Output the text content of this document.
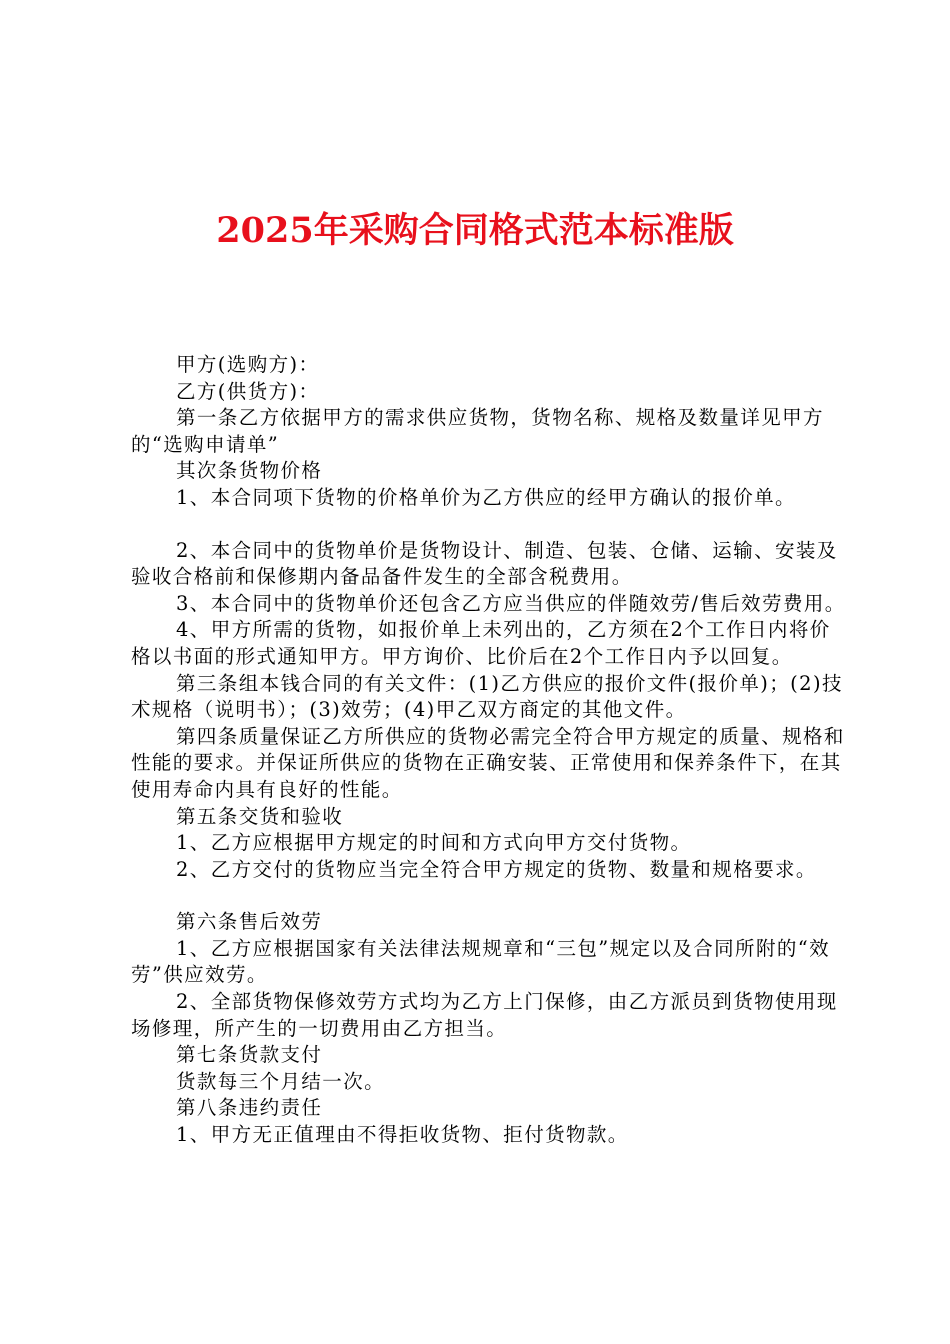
2025年采购合同格式范本标准版

甲方(选购方)：

乙方(供货方)：

第一条乙方依据甲方的需求供应货物，货物名称、规格及数量详见甲方的“选购申请单”

其次条货物价格

1、本合同项下货物的价格单价为乙方供应的经甲方确认的报价单。

2、本合同中的货物单价是货物设计、制造、包装、仓储、运输、安装及验收合格前和保修期内备品备件发生的全部含税费用。

3、本合同中的货物单价还包含乙方应当供应的伴随效劳/售后效劳费用。

4、甲方所需的货物，如报价单上未列出的，乙方须在2个工作日内将价格以书面的形式通知甲方。甲方询价、比价后在2个工作日内予以回复。

第三条组本钱合同的有关文件：(1)乙方供应的报价文件(报价单)；(2)技术规格（说明书）；(3)效劳；(4)甲乙双方商定的其他文件。

第四条质量保证乙方所供应的货物必需完全符合甲方规定的质量、规格和性能的要求。并保证所供应的货物在正确安装、正常使用和保养条件下，在其使用寿命内具有良好的性能。

第五条交货和验收

1、乙方应根据甲方规定的时间和方式向甲方交付货物。

2、乙方交付的货物应当完全符合甲方规定的货物、数量和规格要求。

第六条售后效劳

1、乙方应根据国家有关法律法规规章和“三包”规定以及合同所附的“效劳”供应效劳。

2、全部货物保修效劳方式均为乙方上门保修，由乙方派员到货物使用现场修理，所产生的一切费用由乙方担当。

第七条货款支付

货款每三个月结一次。

第八条违约责任

1、甲方无正值理由不得拒收货物、拒付货物款。
